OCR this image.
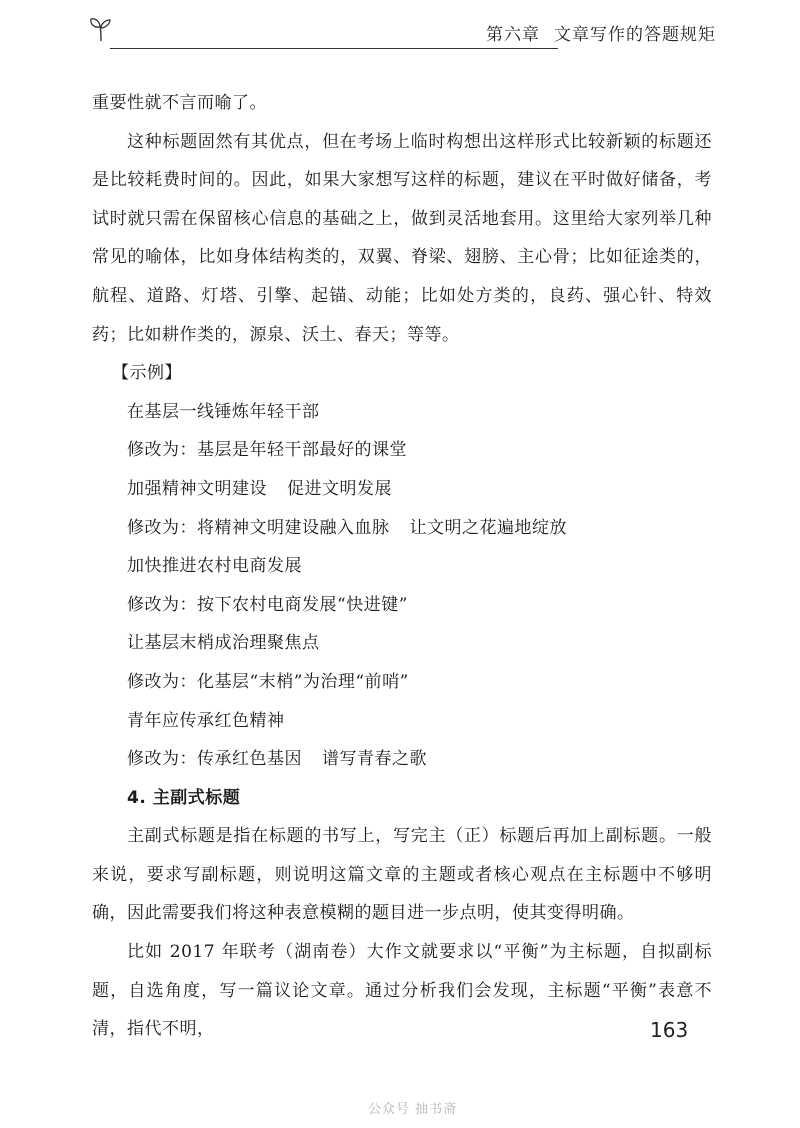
第六章 文章写作的答题规矩

重要性就不言而喻了。

这种标题固然有其优点，但在考场上临时构想出这样形式比较新颖的标题还是比较耗费时间的。因此，如果大家想写这样的标题，建议在平时做好储备，考试时就只需在保留核心信息的基础之上，做到灵活地套用。这里给大家列举几种常见的喻体，比如身体结构类的，双翼、脊梁、翅膀、主心骨；比如征途类的，航程、道路、灯塔、引擎、起锚、动能；比如处方类的，良药、强心针、特效药；比如耕作类的，源泉、沃土、春天；等等。

【示例】

在基层一线锤炼年轻干部

修改为：基层是年轻干部最好的课堂

加强精神文明建设 促进文明发展

修改为：将精神文明建设融入血脉 让文明之花遍地绽放

加快推进农村电商发展

修改为：按下农村电商发展“快进键”

让基层末梢成治理聚焦点

修改为：化基层“末梢”为治理“前哨”

青年应传承红色精神

修改为：传承红色基因 谱写青春之歌

4. 主副式标题

主副式标题是指在标题的书写上，写完主（正）标题后再加上副标题。一般来说，要求写副标题，则说明这篇文章的主题或者核心观点在主标题中不够明确，因此需要我们将这种表意模糊的题目进一步点明，使其变得明确。

比如 2017 年联考（湖南卷）大作文就要求以“平衡”为主标题，自拟副标题，自选角度，写一篇议论文章。通过分析我们会发现，主标题“平衡”表意不清，指代不明，	163
公众号 抽书斋
